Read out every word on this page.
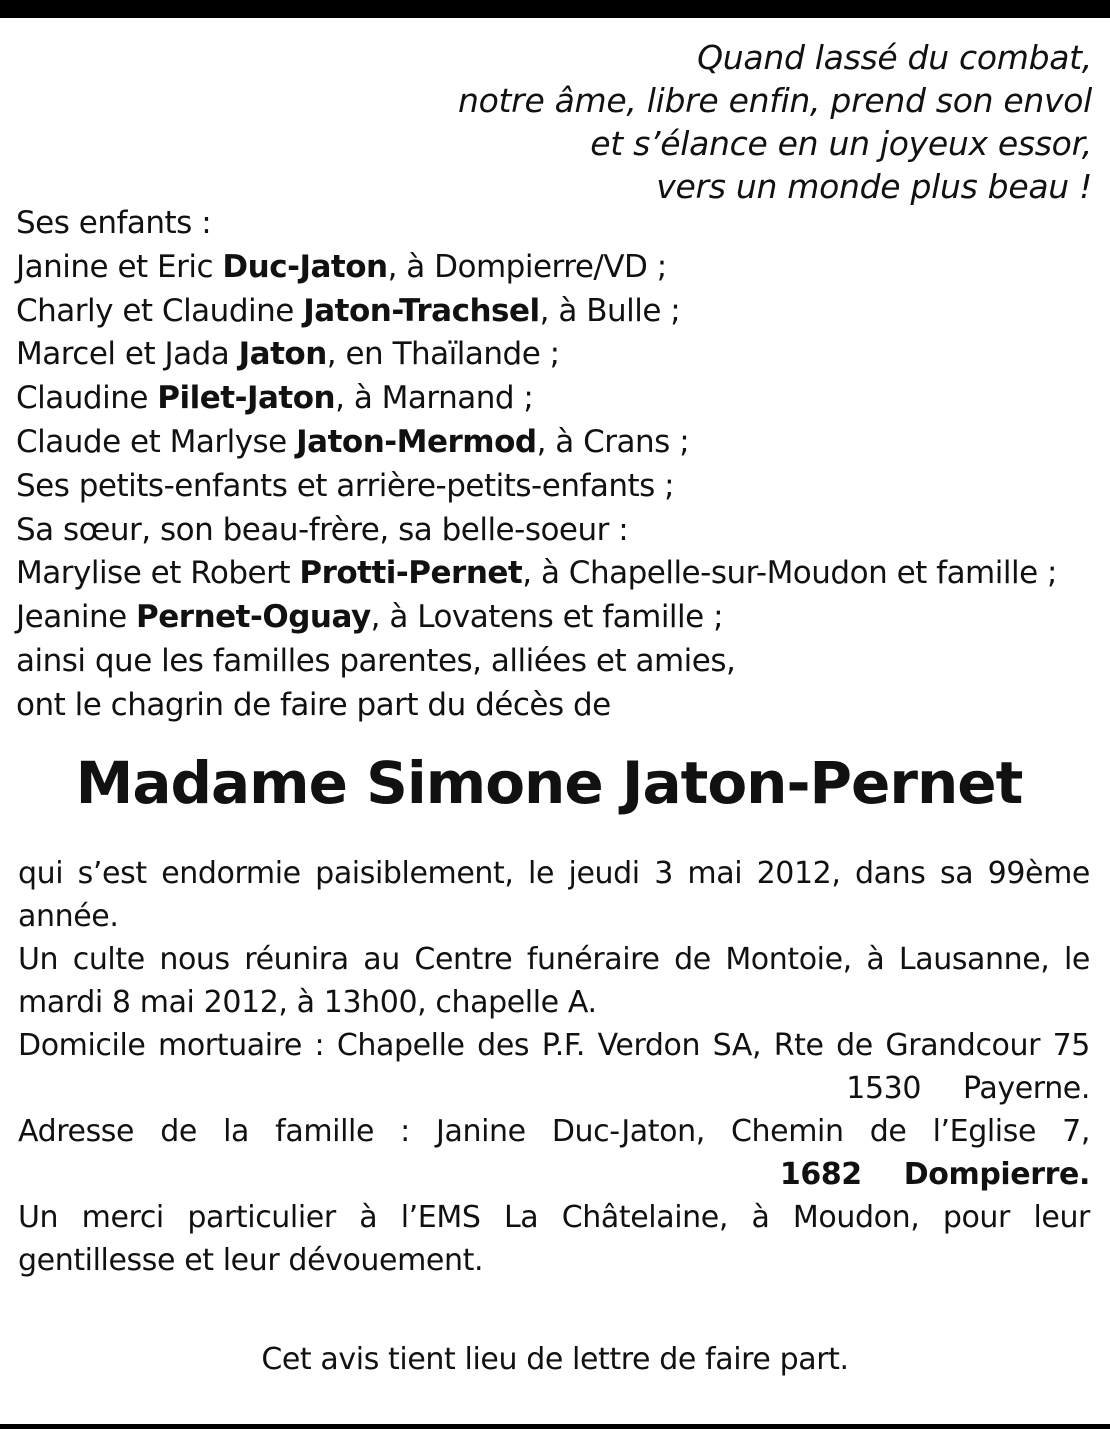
Quand lassé du combat,
notre âme, libre enfin, prend son envol
et s’élance en un joyeux essor,
vers un monde plus beau !
Ses enfants :
Janine et Eric Duc-Jaton, à Dompierre/VD ;
Charly et Claudine Jaton-Trachsel, à Bulle ;
Marcel et Jada Jaton, en Thaïlande ;
Claudine Pilet-Jaton, à Marnand ;
Claude et Marlyse Jaton-Mermod, à Crans ;
Ses petits-enfants et arrière-petits-enfants ;
Sa sœur, son beau-frère, sa belle-soeur :
Marylise et Robert Protti-Pernet, à Chapelle-sur-Moudon et famille ;
Jeanine Pernet-Oguay, à Lovatens et famille ;
ainsi que les familles parentes, alliées et amies,
ont le chagrin de faire part du décès de
Madame Simone Jaton-Pernet
qui s’est endormie paisiblement, le jeudi 3 mai 2012, dans sa 99ème
année.
Un culte nous réunira au Centre funéraire de Montoie, à Lausanne, le
mardi 8 mai 2012, à 13h00, chapelle A.
Domicile mortuaire : Chapelle des P.F. Verdon SA, Rte de Grandcour 75
1530 Payerne.
Adresse de la famille : Janine Duc-Jaton, Chemin de l’Eglise 7,
1682 Dompierre.
Un merci particulier à l’EMS La Châtelaine, à Moudon, pour leur
gentillesse et leur dévouement.
Cet avis tient lieu de lettre de faire part.
